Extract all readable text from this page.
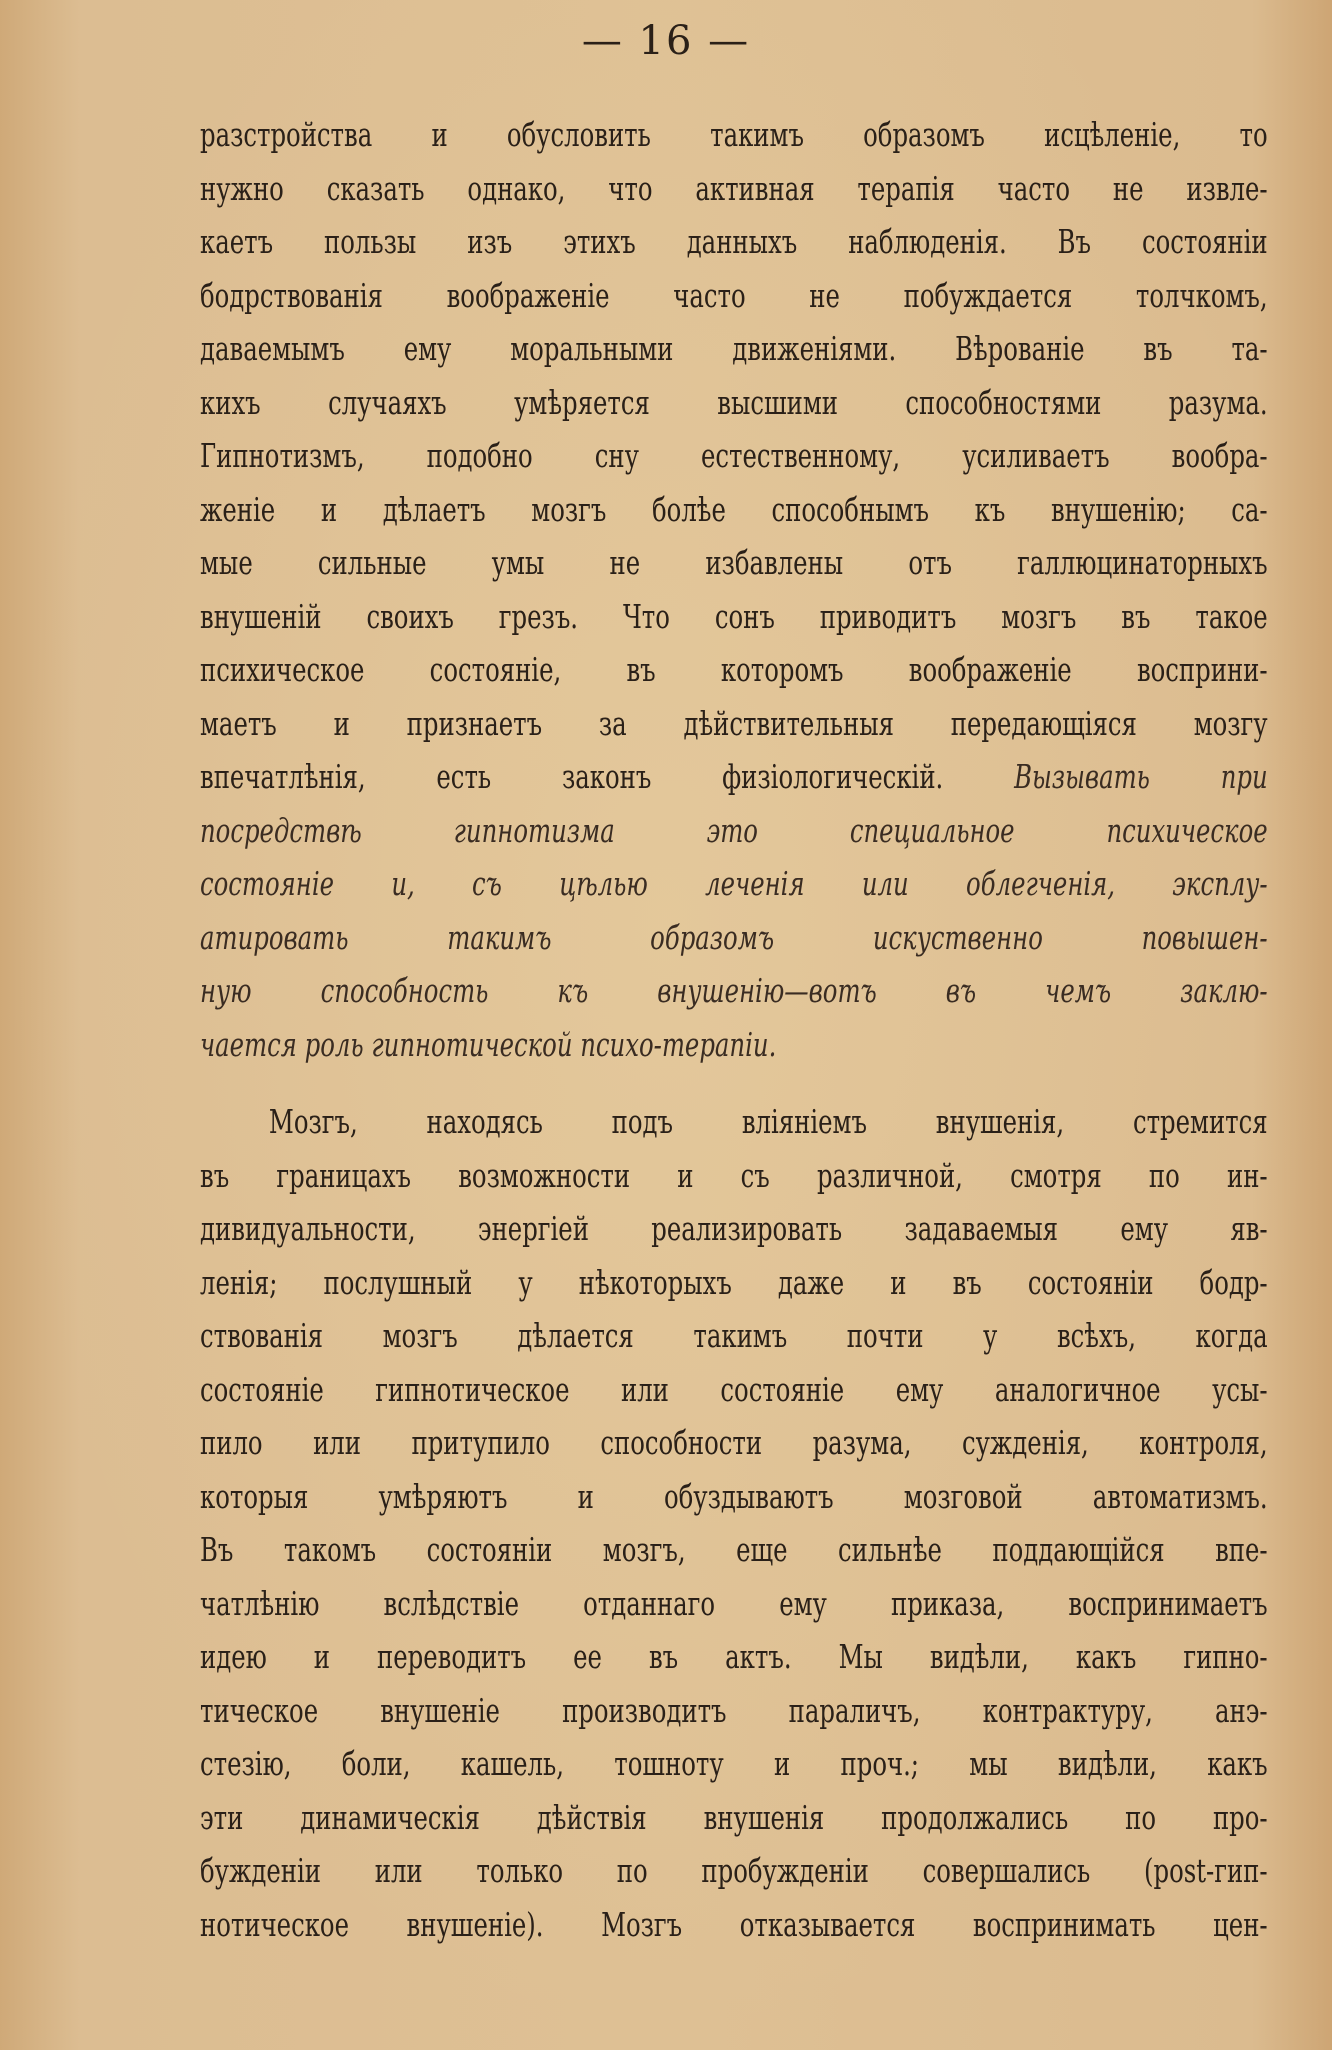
— 16 —
разстройства и обусловить такимъ образомъ исцѣленіе, то
нужно сказать однако, что активная терапія часто не извле-
каетъ пользы изъ этихъ данныхъ наблюденія. Въ состояніи
бодрствованія воображеніе часто не побуждается толчкомъ,
даваемымъ ему моральными движеніями. Вѣрованіе въ та-
кихъ случаяхъ умѣряется высшими способностями разума.
Гипнотизмъ, подобно сну естественному, усиливаетъ вообра-
женіе и дѣлаетъ мозгъ болѣе способнымъ къ внушенію; са-
мые сильные умы не избавлены отъ галлюцинаторныхъ
внушеній своихъ грезъ. Что сонъ приводитъ мозгъ въ такое
психическое состояніе, въ которомъ воображеніе восприни-
маетъ и признаетъ за дѣйствительныя передающіяся мозгу
впечатлѣнія, есть законъ физіологическій. Вызывать при
посредствѣ гипнотизма это специальное психическое
состояніе и, съ цѣлью леченія или облегченія, эксплу-
атировать такимъ образомъ искуственно повышен-
ную способность къ внушенію—вотъ въ чемъ заклю-
чается роль гипнотической психо-терапіи.
Мозгъ, находясь подъ вліяніемъ внушенія, стремится
въ границахъ возможности и съ различной, смотря по ин-
дивидуальности, энергіей реализировать задаваемыя ему яв-
ленія; послушный у нѣкоторыхъ даже и въ состояніи бодр-
ствованія мозгъ дѣлается такимъ почти у всѣхъ, когда
состояніе гипнотическое или состояніе ему аналогичное усы-
пило или притупило способности разума, сужденія, контроля,
которыя умѣряютъ и обуздываютъ мозговой автоматизмъ.
Въ такомъ состояніи мозгъ, еще сильнѣе поддающійся впе-
чатлѣнію вслѣдствіе отданнаго ему приказа, воспринимаетъ
идею и переводитъ ее въ актъ. Мы видѣли, какъ гипно-
тическое внушеніе производитъ параличъ, контрактуру, анэ-
стезію, боли, кашель, тошноту и проч.; мы видѣли, какъ
эти динамическія дѣйствія внушенія продолжались по про-
бужденіи или только по пробужденіи совершались (post-гип-
нотическое внушеніе). Мозгъ отказывается воспринимать цен-
